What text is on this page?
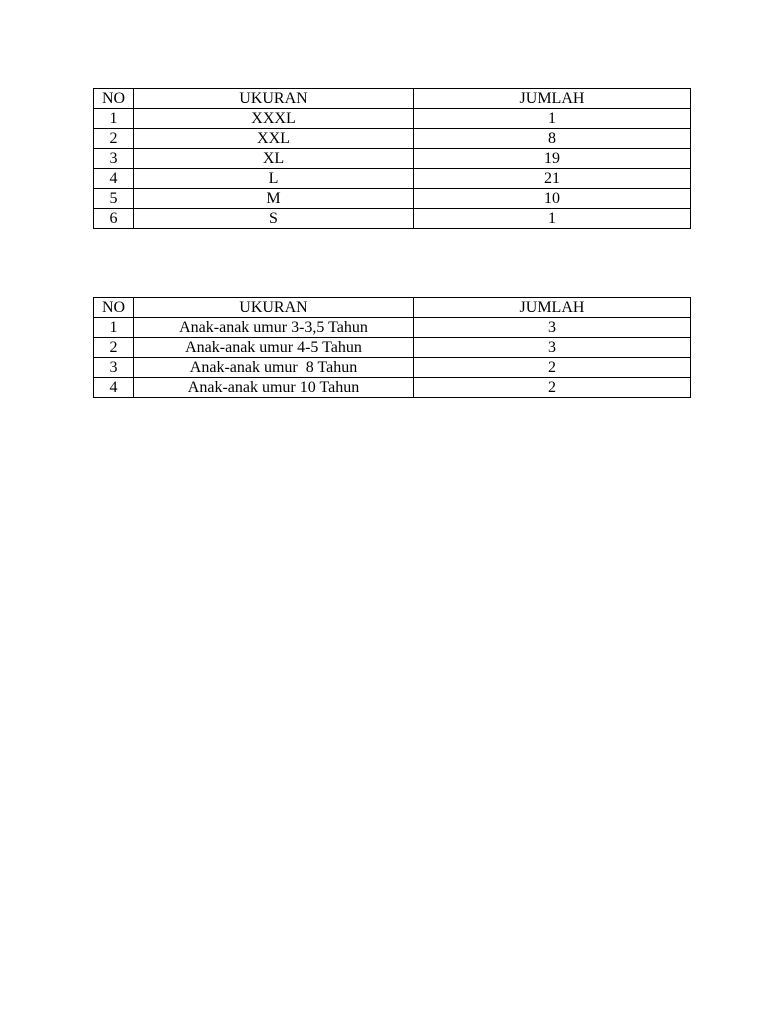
NO	UKURAN	JUMLAH
1	XXXL	1
2	XXL	8
3	XL	19
4	L	21
5	M	10
6	S	1
NO	UKURAN	JUMLAH
1	Anak-anak umur 3-3,5 Tahun	3
2	Anak-anak umur 4-5 Tahun	3
3	Anak-anak umur  8 Tahun	2
4	Anak-anak umur 10 Tahun	2
